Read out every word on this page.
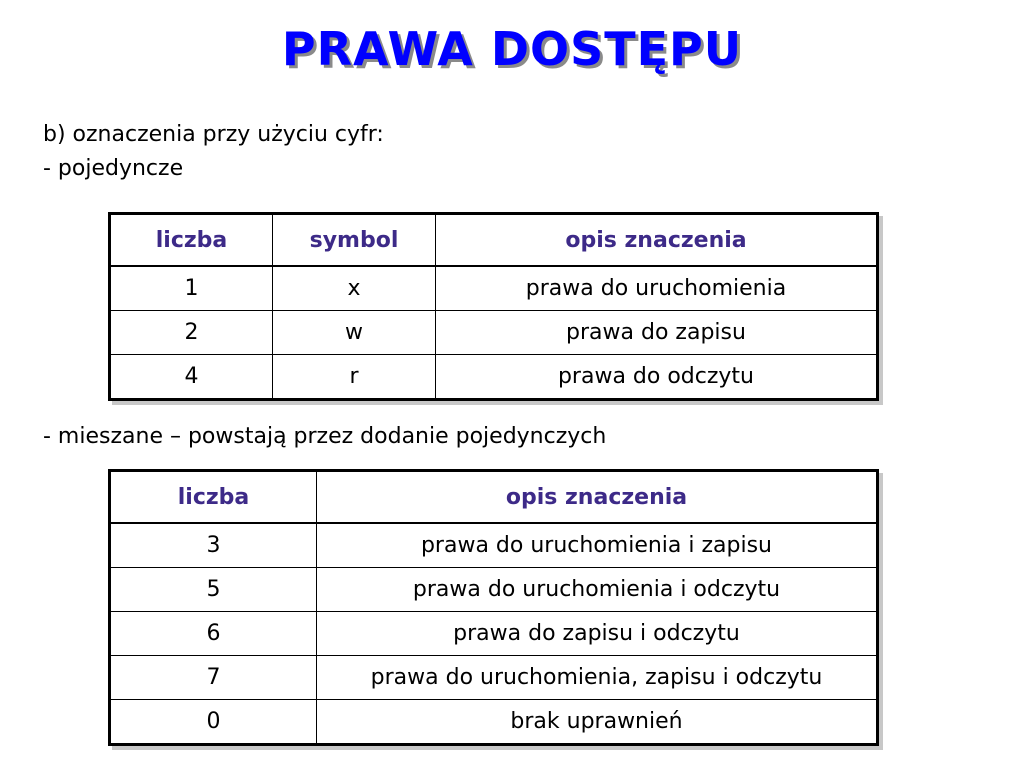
PRAWA DOSTĘPU
b) oznaczenia przy użyciu cyfr:
- pojedyncze
liczba	symbol	opis znaczenia
1	x	prawa do uruchomienia
2	w	prawa do zapisu
4	r	prawa do odczytu
- mieszane – powstają przez dodanie pojedynczych
liczba	opis znaczenia
3	prawa do uruchomienia i zapisu
5	prawa do uruchomienia i odczytu
6	prawa do zapisu i odczytu
7	prawa do uruchomienia, zapisu i odczytu
0	brak uprawnień
